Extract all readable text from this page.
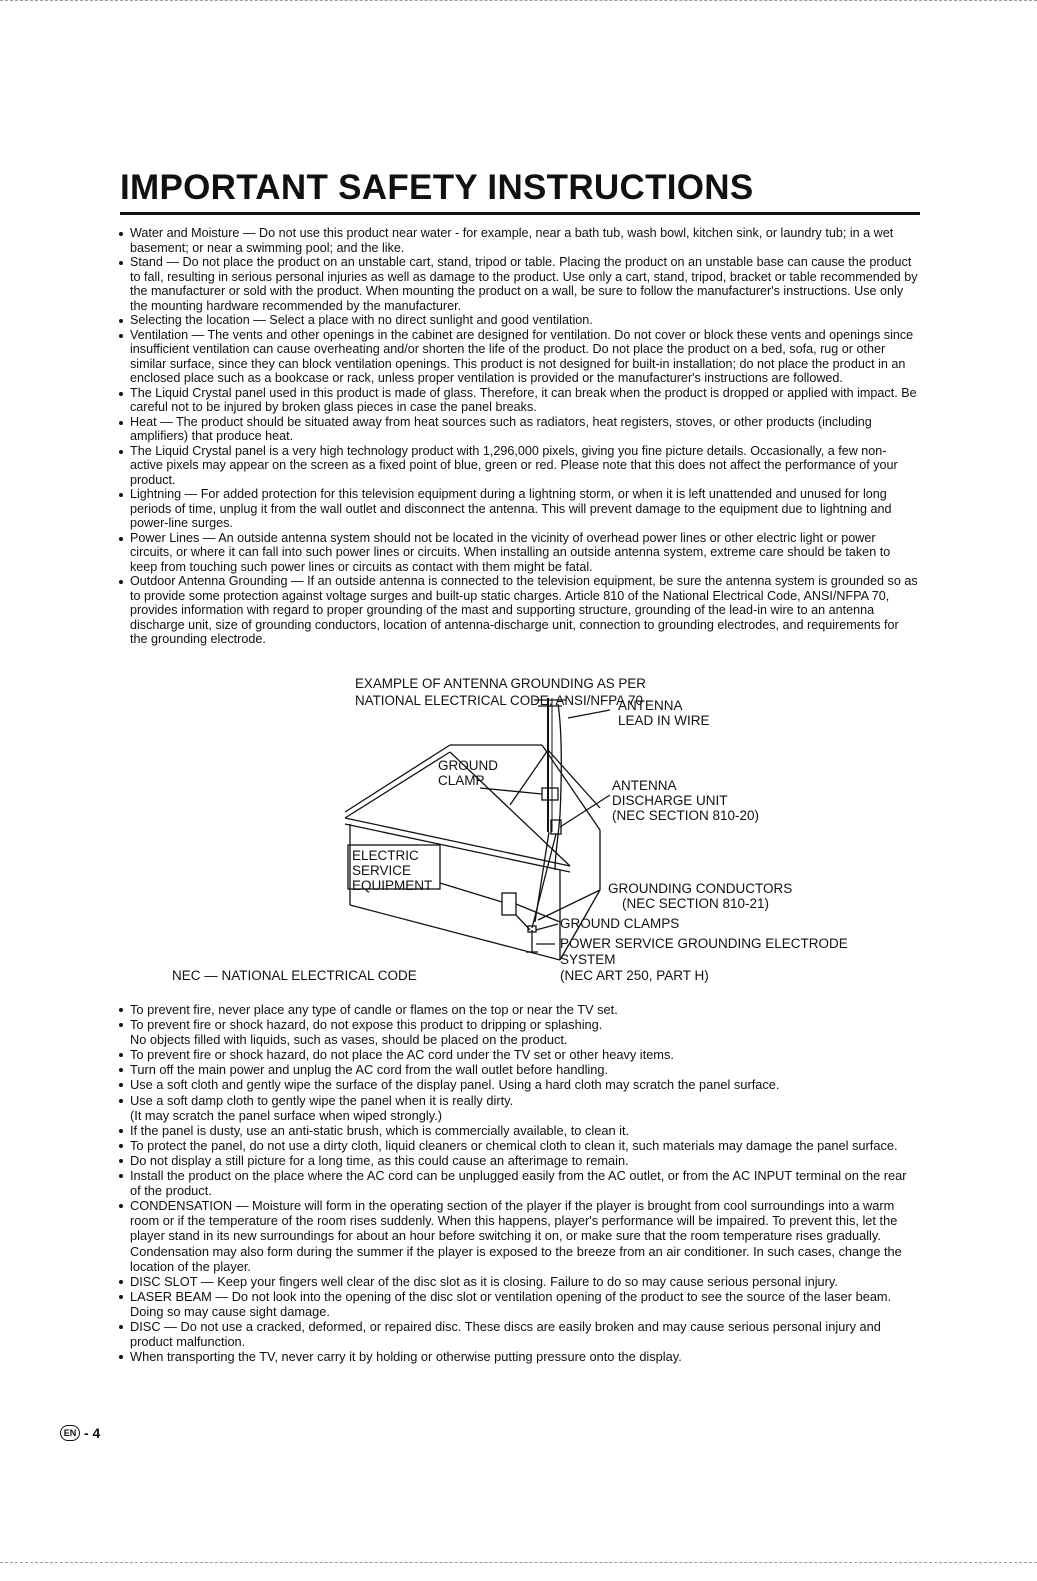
IMPORTANT SAFETY INSTRUCTIONS
Water and Moisture — Do not use this product near water - for example, near a bath tub, wash bowl, kitchen sink, or laundry tub; in a wet basement; or near a swimming pool; and the like.
Stand — Do not place the product on an unstable cart, stand, tripod or table. Placing the product on an unstable base can cause the product to fall, resulting in serious personal injuries as well as damage to the product. Use only a cart, stand, tripod, bracket or table recommended by the manufacturer or sold with the product. When mounting the product on a wall, be sure to follow the manufacturer's instructions. Use only the mounting hardware recommended by the manufacturer.
Selecting the location — Select a place with no direct sunlight and good ventilation.
Ventilation — The vents and other openings in the cabinet are designed for ventilation. Do not cover or block these vents and openings since insufficient ventilation can cause overheating and/or shorten the life of the product. Do not place the product on a bed, sofa, rug or other similar surface, since they can block ventilation openings. This product is not designed for built-in installation; do not place the product in an enclosed place such as a bookcase or rack, unless proper ventilation is provided or the manufacturer's instructions are followed.
The Liquid Crystal panel used in this product is made of glass. Therefore, it can break when the product is dropped or applied with impact. Be careful not to be injured by broken glass pieces in case the panel breaks.
Heat — The product should be situated away from heat sources such as radiators, heat registers, stoves, or other products (including amplifiers) that produce heat.
The Liquid Crystal panel is a very high technology product with 1,296,000 pixels, giving you fine picture details. Occasionally, a few non-active pixels may appear on the screen as a fixed point of blue, green or red. Please note that this does not affect the performance of your product.
Lightning — For added protection for this television equipment during a lightning storm, or when it is left unattended and unused for long periods of time, unplug it from the wall outlet and disconnect the antenna. This will prevent damage to the equipment due to lightning and power-line surges.
Power Lines — An outside antenna system should not be located in the vicinity of overhead power lines or other electric light or power circuits, or where it can fall into such power lines or circuits. When installing an outside antenna system, extreme care should be taken to keep from touching such power lines or circuits as contact with them might be fatal.
Outdoor Antenna Grounding — If an outside antenna is connected to the television equipment, be sure the antenna system is grounded so as to provide some protection against voltage surges and built-up static charges. Article 810 of the National Electrical Code, ANSI/NFPA 70, provides information with regard to proper grounding of the mast and supporting structure, grounding of the lead-in wire to an antenna discharge unit, size of grounding conductors, location of antenna-discharge unit, connection to grounding electrodes, and requirements for the grounding electrode.
EXAMPLE OF ANTENNA GROUNDING AS PER
NATIONAL ELECTRICAL CODE, ANSI/NFPA 70
ANTENNA
LEAD IN WIRE
GROUND
CLAMP	ANTENNA
DISCHARGE UNIT
(NEC SECTION 810-20)
ELECTRIC
SERVICE
EQUIPMENT	GROUNDING CONDUCTORS
(NEC SECTION 810-21)
GROUND CLAMPS
POWER SERVICE GROUNDING ELECTRODE
SYSTEM
(NEC ART 250, PART H)
NEC — NATIONAL ELECTRICAL CODE
To prevent fire, never place any type of candle or flames on the top or near the TV set.
To prevent fire or shock hazard, do not expose this product to dripping or splashing.
No objects filled with liquids, such as vases, should be placed on the product.
To prevent fire or shock hazard, do not place the AC cord under the TV set or other heavy items.
Turn off the main power and unplug the AC cord from the wall outlet before handling.
Use a soft cloth and gently wipe the surface of the display panel. Using a hard cloth may scratch the panel surface.
Use a soft damp cloth to gently wipe the panel when it is really dirty.
(It may scratch the panel surface when wiped strongly.)
If the panel is dusty, use an anti-static brush, which is commercially available, to clean it.
To protect the panel, do not use a dirty cloth, liquid cleaners or chemical cloth to clean it, such materials may damage the panel surface.
Do not display a still picture for a long time, as this could cause an afterimage to remain.
Install the product on the place where the AC cord can be unplugged easily from the AC outlet, or from the AC INPUT terminal on the rear of the product.
CONDENSATION — Moisture will form in the operating section of the player if the player is brought from cool surroundings into a warm room or if the temperature of the room rises suddenly. When this happens, player's performance will be impaired. To prevent this, let the player stand in its new surroundings for about an hour before switching it on, or make sure that the room temperature rises gradually. Condensation may also form during the summer if the player is exposed to the breeze from an air conditioner. In such cases, change the location of the player.
DISC SLOT — Keep your fingers well clear of the disc slot as it is closing. Failure to do so may cause serious personal injury.
LASER BEAM — Do not look into the opening of the disc slot or ventilation opening of the product to see the source of the laser beam. Doing so may cause sight damage.
DISC — Do not use a cracked, deformed, or repaired disc. These discs are easily broken and may cause serious personal injury and product malfunction.
When transporting the TV, never carry it by holding or otherwise putting pressure onto the display.
EN - 4
